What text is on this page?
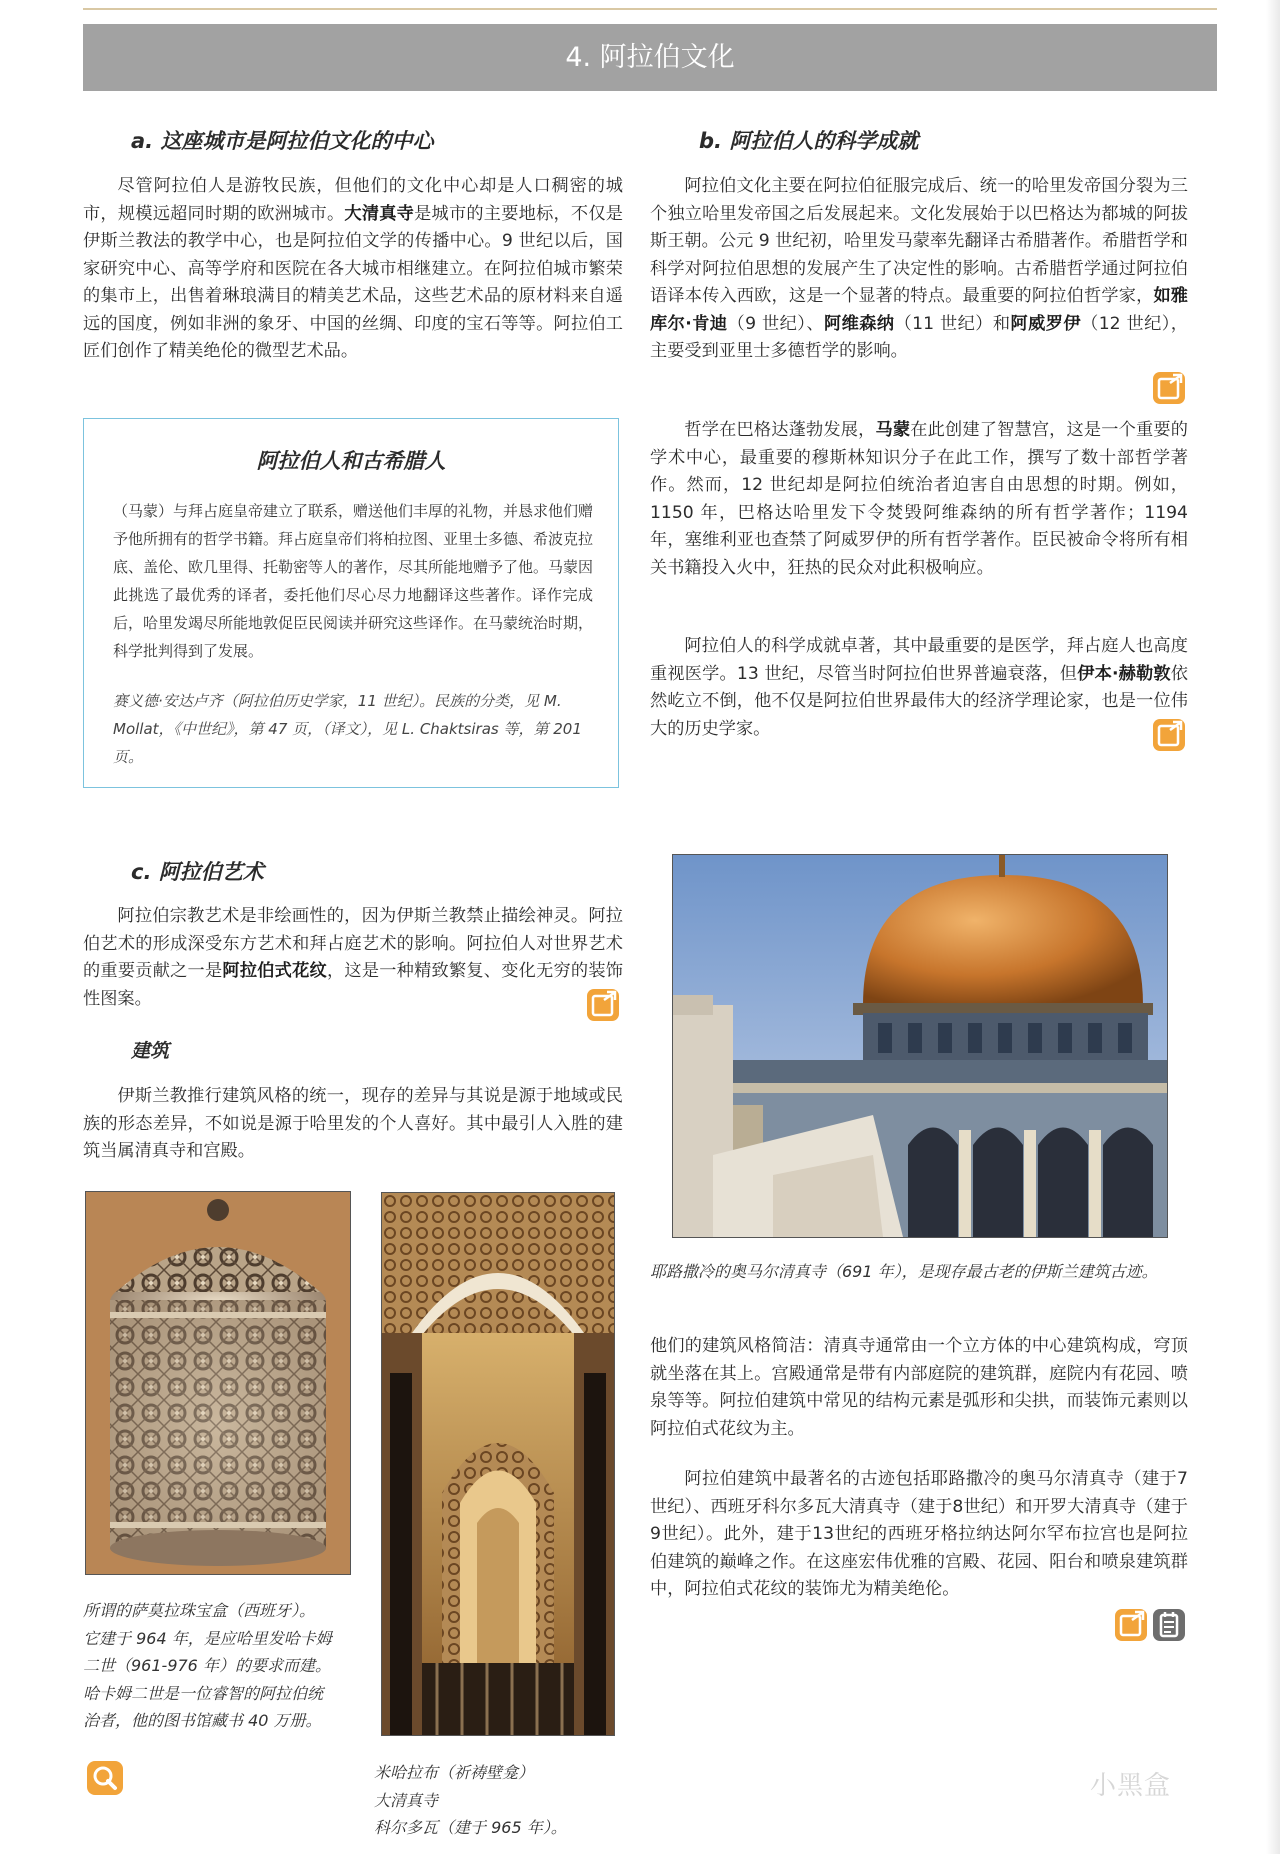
4. 阿拉伯文化
a. 这座城市是阿拉伯文化的中心
尽管阿拉伯人是游牧民族，但他们的文化中心却是人口稠密的城市，规模远超同时期的欧洲城市。大清真寺是城市的主要地标，不仅是伊斯兰教法的教学中心，也是阿拉伯文学的传播中心。9 世纪以后，国家研究中心、高等学府和医院在各大城市相继建立。在阿拉伯城市繁荣的集市上，出售着琳琅满目的精美艺术品，这些艺术品的原材料来自遥远的国度，例如非洲的象牙、中国的丝绸、印度的宝石等等。阿拉伯工匠们创作了精美绝伦的微型艺术品。
阿拉伯人和古希腊人
（马蒙）与拜占庭皇帝建立了联系，赠送他们丰厚的礼物，并恳求他们赠予他所拥有的哲学书籍。拜占庭皇帝们将柏拉图、亚里士多德、希波克拉底、盖伦、欧几里得、托勒密等人的著作，尽其所能地赠予了他。马蒙因此挑选了最优秀的译者，委托他们尽心尽力地翻译这些著作。译作完成后，哈里发竭尽所能地敦促臣民阅读并研究这些译作。在马蒙统治时期，科学批判得到了发展。
赛义德·安达卢齐（阿拉伯历史学家，11 世纪）。民族的分类，见 M. Mollat，《中世纪》，第 47 页，（译文），见 L. Chaktsiras 等，第 201 页。
b. 阿拉伯人的科学成就
阿拉伯文化主要在阿拉伯征服完成后、统一的哈里发帝国分裂为三个独立哈里发帝国之后发展起来。文化发展始于以巴格达为都城的阿拔斯王朝。公元 9 世纪初，哈里发马蒙率先翻译古希腊著作。希腊哲学和科学对阿拉伯思想的发展产生了决定性的影响。古希腊哲学通过阿拉伯语译本传入西欧，这是一个显著的特点。最重要的阿拉伯哲学家，如雅库尔·肯迪（9 世纪）、阿维森纳（11 世纪）和阿威罗伊（12 世纪），主要受到亚里士多德哲学的影响。
哲学在巴格达蓬勃发展，马蒙在此创建了智慧宫，这是一个重要的学术中心，最重要的穆斯林知识分子在此工作，撰写了数十部哲学著作。然而，12 世纪却是阿拉伯统治者迫害自由思想的时期。例如，1150 年，巴格达哈里发下令焚毁阿维森纳的所有哲学著作；1194 年，塞维利亚也查禁了阿威罗伊的所有哲学著作。臣民被命令将所有相关书籍投入火中，狂热的民众对此积极响应。
阿拉伯人的科学成就卓著，其中最重要的是医学，拜占庭人也高度重视医学。13 世纪，尽管当时阿拉伯世界普遍衰落，但伊本·赫勒敦依然屹立不倒，他不仅是阿拉伯世界最伟大的经济学理论家，也是一位伟大的历史学家。
c. 阿拉伯艺术
阿拉伯宗教艺术是非绘画性的，因为伊斯兰教禁止描绘神灵。阿拉伯艺术的形成深受东方艺术和拜占庭艺术的影响。阿拉伯人对世界艺术的重要贡献之一是阿拉伯式花纹，这是一种精致繁复、变化无穷的装饰性图案。
建筑
伊斯兰教推行建筑风格的统一，现存的差异与其说是源于地域或民族的形态差异，不如说是源于哈里发的个人喜好。其中最引人入胜的建筑当属清真寺和宫殿。
耶路撒冷的奥马尔清真寺（691 年），是现存最古老的伊斯兰建筑古迹。
他们的建筑风格简洁：清真寺通常由一个立方体的中心建筑构成，穹顶就坐落在其上。宫殿通常是带有内部庭院的建筑群，庭院内有花园、喷泉等等。阿拉伯建筑中常见的结构元素是弧形和尖拱，而装饰元素则以阿拉伯式花纹为主。
阿拉伯建筑中最著名的古迹包括耶路撒冷的奥马尔清真寺（建于7世纪）、西班牙科尔多瓦大清真寺（建于8世纪）和开罗大清真寺（建于9世纪）。此外，建于13世纪的西班牙格拉纳达阿尔罕布拉宫也是阿拉伯建筑的巅峰之作。在这座宏伟优雅的宫殿、花园、阳台和喷泉建筑群中，阿拉伯式花纹的装饰尤为精美绝伦。
所谓的萨莫拉珠宝盒（西班牙）。
它建于 964 年，是应哈里发哈卡姆
二世（961-976 年）的要求而建。
哈卡姆二世是一位睿智的阿拉伯统
治者，他的图书馆藏书 40 万册。
米哈拉布（祈祷壁龛）
大清真寺
科尔多瓦（建于 965 年）。
小黑盒
